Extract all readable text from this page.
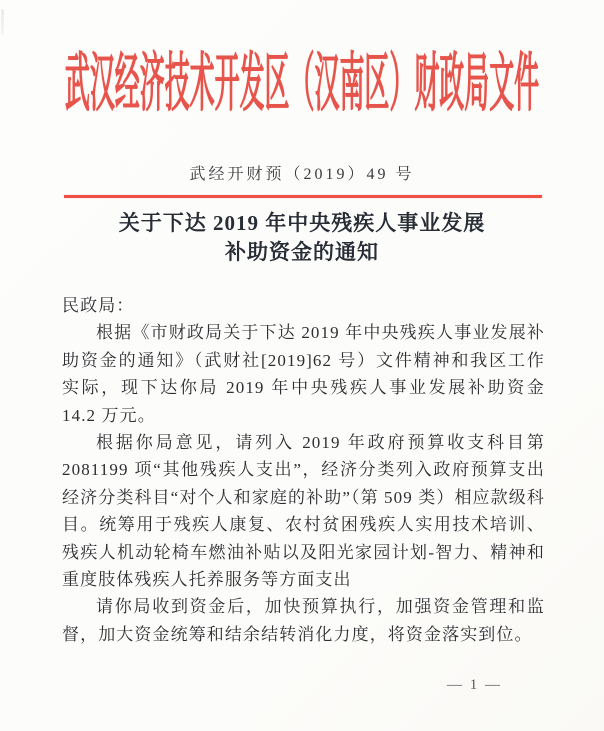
武汉经济技术开发区（汉南区）财政局文件
武经开财预（2019）49 号
关于下达 2019 年中央残疾人事业发展
补助资金的通知

民政局：

根据《市财政局关于下达 2019 年中央残疾人事业发展补助资金的通知》（武财社[2019]62 号）文件精神和我区工作实际，现下达你局 2019 年中央残疾人事业发展补助资金 14.2 万元。

根据你局意见，请列入 2019 年政府预算收支科目第 2081199 项“其他残疾人支出”，经济分类列入政府预算支出经济分类科目“对个人和家庭的补助”（第 509 类）相应款级科目。统筹用于残疾人康复、农村贫困残疾人实用技术培训、残疾人机动轮椅车燃油补贴以及阳光家园计划-智力、精神和重度肢体残疾人托养服务等方面支出

请你局收到资金后，加快预算执行，加强资金管理和监督，加大资金统筹和结余结转消化力度，将资金落实到位。

— 1 —
